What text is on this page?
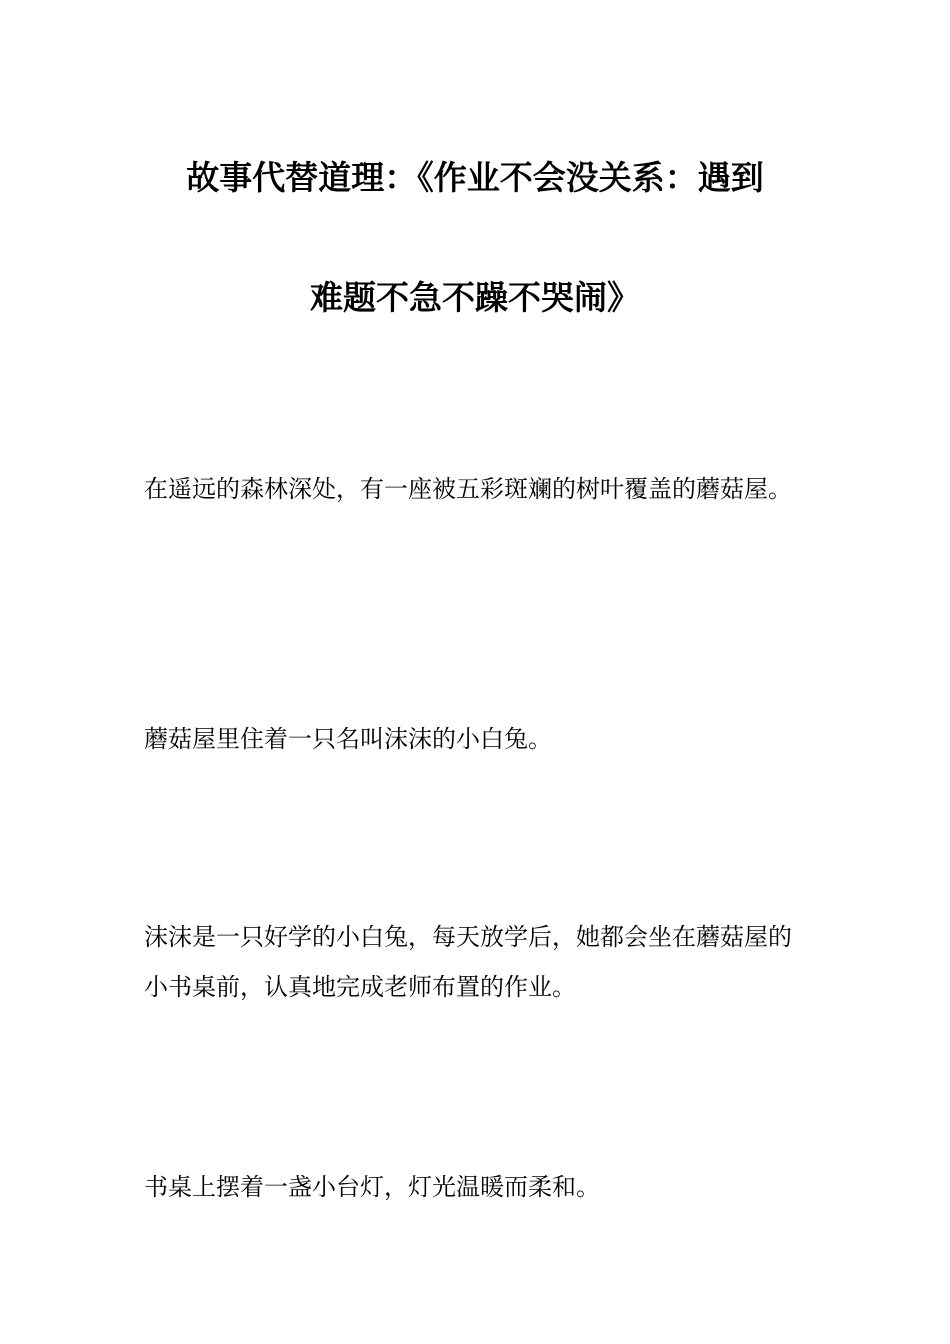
故事代替道理：《作业不会没关系：遇到
难题不急不躁不哭闹》

在遥远的森林深处，有一座被五彩斑斓的树叶覆盖的蘑菇屋。

蘑菇屋里住着一只名叫沫沫的小白兔。

沫沫是一只好学的小白兔，每天放学后，她都会坐在蘑菇屋的小书桌前，认真地完成老师布置的作业。

书桌上摆着一盏小台灯，灯光温暖而柔和。
